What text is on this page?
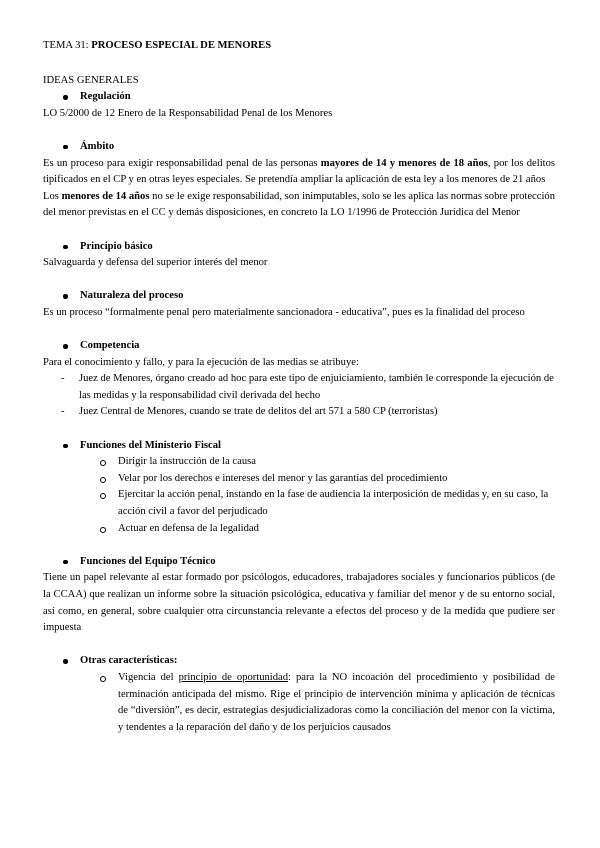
TEMA 31: PROCESO ESPECIAL DE MENORES

IDEAS GENERALES

Regulación

LO 5/2000 de 12 Enero de la Responsabilidad Penal de los Menores

Ámbito

Es un proceso para exigir responsabilidad penal de las personas mayores de 14 y menores de 18 años, por los delitos tipificados en el CP y en otras leyes especiales. Se pretendía ampliar la aplicación de esta ley a los menores de 21 años

Los menores de 14 años no se le exige responsabilidad, son inimputables, solo se les aplica las normas sobre protección del menor previstas en el CC y demás disposiciones, en concreto la LO 1/1996 de Protección Jurídica del Menor

Principio básico

Salvaguarda y defensa del superior interés del menor

Naturaleza del proceso

Es un proceso “formalmente penal pero materialmente sancionadora - educativa”, pues es la finalidad del proceso

Competencia

Para el conocimiento y fallo, y para la ejecución de las medias se atribuye:

- Juez de Menores, órgano creado ad hoc para este tipo de enjuiciamiento, también le corresponde la ejecución de las medidas y la responsabilidad civil derivada del hecho

- Juez Central de Menores, cuando se trate de delitos del art 571 a 580 CP (terroristas)

Funciones del Ministerio Fiscal

Dirigir la instrucción de la causa

Velar por los derechos e intereses del menor y las garantías del procedimiento

Ejercitar la acción penal, instando en la fase de audiencia la interposición de medidas y, en su caso, la acción civil a favor del perjudicado

Actuar en defensa de la legalidad

Funciones del Equipo Técnico

Tiene un papel relevante al estar formado por psicólogos, educadores, trabajadores sociales y funcionarios públicos (de la CCAA) que realizan un informe sobre la situación psicológica, educativa y familiar del menor y de su entorno social, así como, en general, sobre cualquier otra circunstancia relevante a efectos del proceso y de la medida que pudiere ser impuesta

Otras características:

Vigencia del principio de oportunidad: para la NO incoación del procedimiento y posibilidad de terminación anticipada del mismo. Rige el principio de intervención mínima y aplicación de técnicas de “diversión”, es decir, estrategias desjudicializadoras como la conciliación del menor con la víctima, y tendentes a la reparación del daño y de los perjuicios causados
